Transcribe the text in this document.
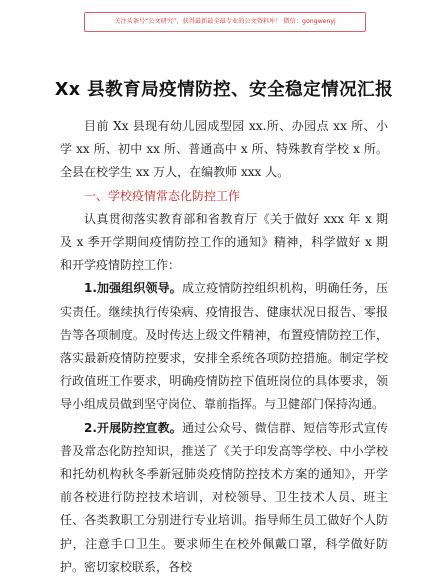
关注头条号“公文研究”，获得最新最全最专业的公文资料库！ 微信：gongwenyj
Xx 县教育局疫情防控、安全稳定情况汇报

目前 Xx 县现有幼儿园成型园 xx.所、办园点 xx 所、小学 xx 所、初中 xx 所、普通高中 x 所、特殊教育学校 x 所。全县在校学生 xx 万人，在编教师 xxx 人。

一、学校疫情常态化防控工作

认真贯彻落实教育部和省教育厅《关于做好 xxx 年 x 期及 x 季开学期间疫情防控工作的通知》精神，科学做好 x 期和开学疫情防控工作：

1.加强组织领导。成立疫情防控组织机构，明确任务，压实责任。继续执行传染病、疫情报告、健康状况日报告、零报告等各项制度。及时传达上级文件精神，布置疫情防控工作，落实最新疫情防控要求，安排全系统各项防控措施。制定学校行政值班工作要求，明确疫情防控下值班岗位的具体要求，领导小组成员做到坚守岗位、靠前指挥。与卫健部门保持沟通。

2.开展防控宣教。通过公众号、微信群、短信等形式宣传普及常态化防控知识，推送了《关于印发高等学校、中小学校和托幼机构秋冬季新冠肺炎疫情防控技术方案的通知》，开学前各校进行防控技术培训，对校领导、卫生技术人员、班主任、各类教职工分别进行专业培训。指导师生员工做好个人防护，注意手口卫生。要求师生在校外佩戴口罩，科学做好防护。密切家校联系，各校
